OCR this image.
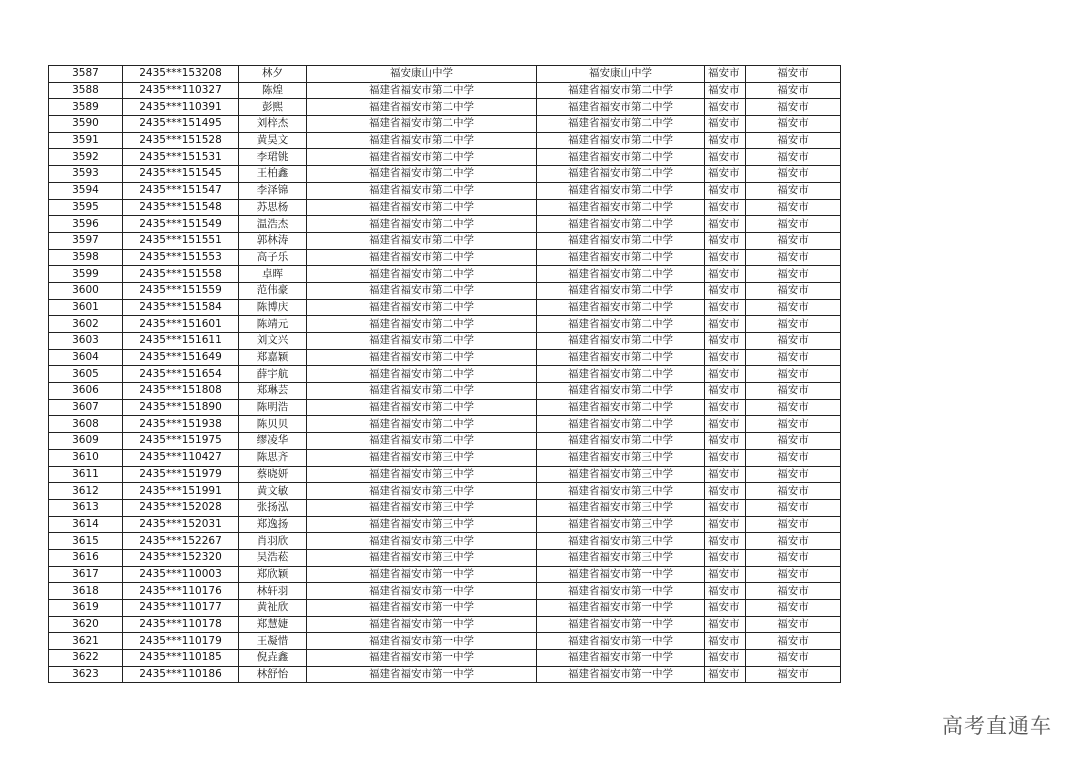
3587	2435***153208	林夕	福安康山中学	福安康山中学	福安市	福安市
3588	2435***110327	陈煌	福建省福安市第二中学	福建省福安市第二中学	福安市	福安市
3589	2435***110391	彭熙	福建省福安市第二中学	福建省福安市第二中学	福安市	福安市
3590	2435***151495	刘梓杰	福建省福安市第二中学	福建省福安市第二中学	福安市	福安市
3591	2435***151528	黄昊文	福建省福安市第二中学	福建省福安市第二中学	福安市	福安市
3592	2435***151531	李珺铫	福建省福安市第二中学	福建省福安市第二中学	福安市	福安市
3593	2435***151545	王柏鑫	福建省福安市第二中学	福建省福安市第二中学	福安市	福安市
3594	2435***151547	李泽锦	福建省福安市第二中学	福建省福安市第二中学	福安市	福安市
3595	2435***151548	苏思杨	福建省福安市第二中学	福建省福安市第二中学	福安市	福安市
3596	2435***151549	温浩杰	福建省福安市第二中学	福建省福安市第二中学	福安市	福安市
3597	2435***151551	郭林涛	福建省福安市第二中学	福建省福安市第二中学	福安市	福安市
3598	2435***151553	高子乐	福建省福安市第二中学	福建省福安市第二中学	福安市	福安市
3599	2435***151558	卓晖	福建省福安市第二中学	福建省福安市第二中学	福安市	福安市
3600	2435***151559	范伟豪	福建省福安市第二中学	福建省福安市第二中学	福安市	福安市
3601	2435***151584	陈博庆	福建省福安市第二中学	福建省福安市第二中学	福安市	福安市
3602	2435***151601	陈靖元	福建省福安市第二中学	福建省福安市第二中学	福安市	福安市
3603	2435***151611	刘文兴	福建省福安市第二中学	福建省福安市第二中学	福安市	福安市
3604	2435***151649	郑嘉颖	福建省福安市第二中学	福建省福安市第二中学	福安市	福安市
3605	2435***151654	薛宇航	福建省福安市第二中学	福建省福安市第二中学	福安市	福安市
3606	2435***151808	郑琳芸	福建省福安市第二中学	福建省福安市第二中学	福安市	福安市
3607	2435***151890	陈明浩	福建省福安市第二中学	福建省福安市第二中学	福安市	福安市
3608	2435***151938	陈贝贝	福建省福安市第二中学	福建省福安市第二中学	福安市	福安市
3609	2435***151975	缪凌华	福建省福安市第二中学	福建省福安市第二中学	福安市	福安市
3610	2435***110427	陈思齐	福建省福安市第三中学	福建省福安市第三中学	福安市	福安市
3611	2435***151979	蔡晓妍	福建省福安市第三中学	福建省福安市第三中学	福安市	福安市
3612	2435***151991	黄文敏	福建省福安市第三中学	福建省福安市第三中学	福安市	福安市
3613	2435***152028	张扬泓	福建省福安市第三中学	福建省福安市第三中学	福安市	福安市
3614	2435***152031	郑逸扬	福建省福安市第三中学	福建省福安市第三中学	福安市	福安市
3615	2435***152267	肖羽欣	福建省福安市第三中学	福建省福安市第三中学	福安市	福安市
3616	2435***152320	吴浩菘	福建省福安市第三中学	福建省福安市第三中学	福安市	福安市
3617	2435***110003	郑欣颖	福建省福安市第一中学	福建省福安市第一中学	福安市	福安市
3618	2435***110176	林轩羽	福建省福安市第一中学	福建省福安市第一中学	福安市	福安市
3619	2435***110177	黄祉欣	福建省福安市第一中学	福建省福安市第一中学	福安市	福安市
3620	2435***110178	郑慧婕	福建省福安市第一中学	福建省福安市第一中学	福安市	福安市
3621	2435***110179	王凝惜	福建省福安市第一中学	福建省福安市第一中学	福安市	福安市
3622	2435***110185	倪垚鑫	福建省福安市第一中学	福建省福安市第一中学	福安市	福安市
3623	2435***110186	林舒怡	福建省福安市第一中学	福建省福安市第一中学	福安市	福安市
高考直通车
